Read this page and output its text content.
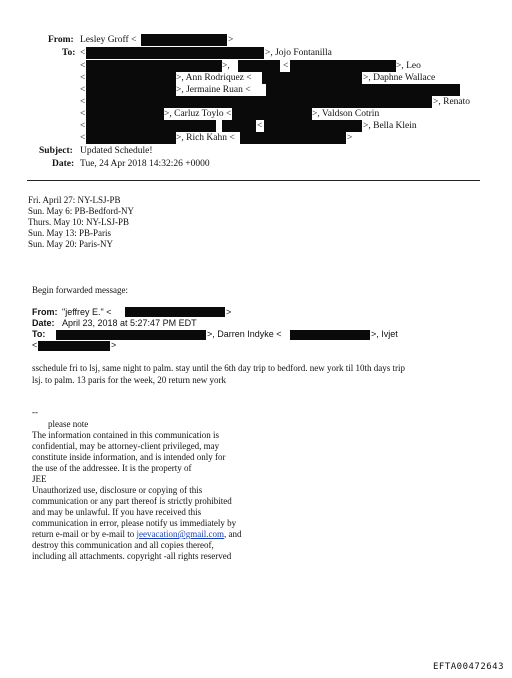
From: Lesley Groff <	>
To: <	>, Jojo Fontanilla
<	>,	<	>, Leo
<	>, Ann Rodriquez <	>, Daphne Wallace
<	>, Jermaine Ruan <
<	>, Renato
<	>, Carluz Toylo <	>, Valdson Cotrin
<	<	>, Bella Klein
<	>, Rich Kahn <	>
Subject: Updated Schedule!
Date: Tue, 24 Apr 2018 14:32:26 +0000
Fri. April 27: NY-LSJ-PB
Sun. May 6: PB-Bedford-NY
Thurs. May 10: NY-LSJ-PB
Sun. May 13: PB-Paris
Sun. May 20: Paris-NY
Begin forwarded message:
From: "jeffrey E." <	>
Date: April 23, 2018 at 5:27:47 PM EDT
To:	>, Darren Indyke <	>, Ivjet
<	>
sschedule fri to lsj, same night to palm. stay until the 6th day trip to bedford. new york til 10th days trip
lsj. to palm. 13 paris for the week, 20 return new york
--
please note
The information contained in this communication is
confidential, may be attorney-client privileged, may
constitute inside information, and is intended only for
the use of the addressee. It is the property of
JEE
Unauthorized use, disclosure or copying of this
communication or any part thereof is strictly prohibited
and may be unlawful. If you have received this
communication in error, please notify us immediately by
return e-mail or by e-mail to jeevacation@gmail.com, and
destroy this communication and all copies thereof,
including all attachments. copyright -all rights reserved
EFTA00472643
